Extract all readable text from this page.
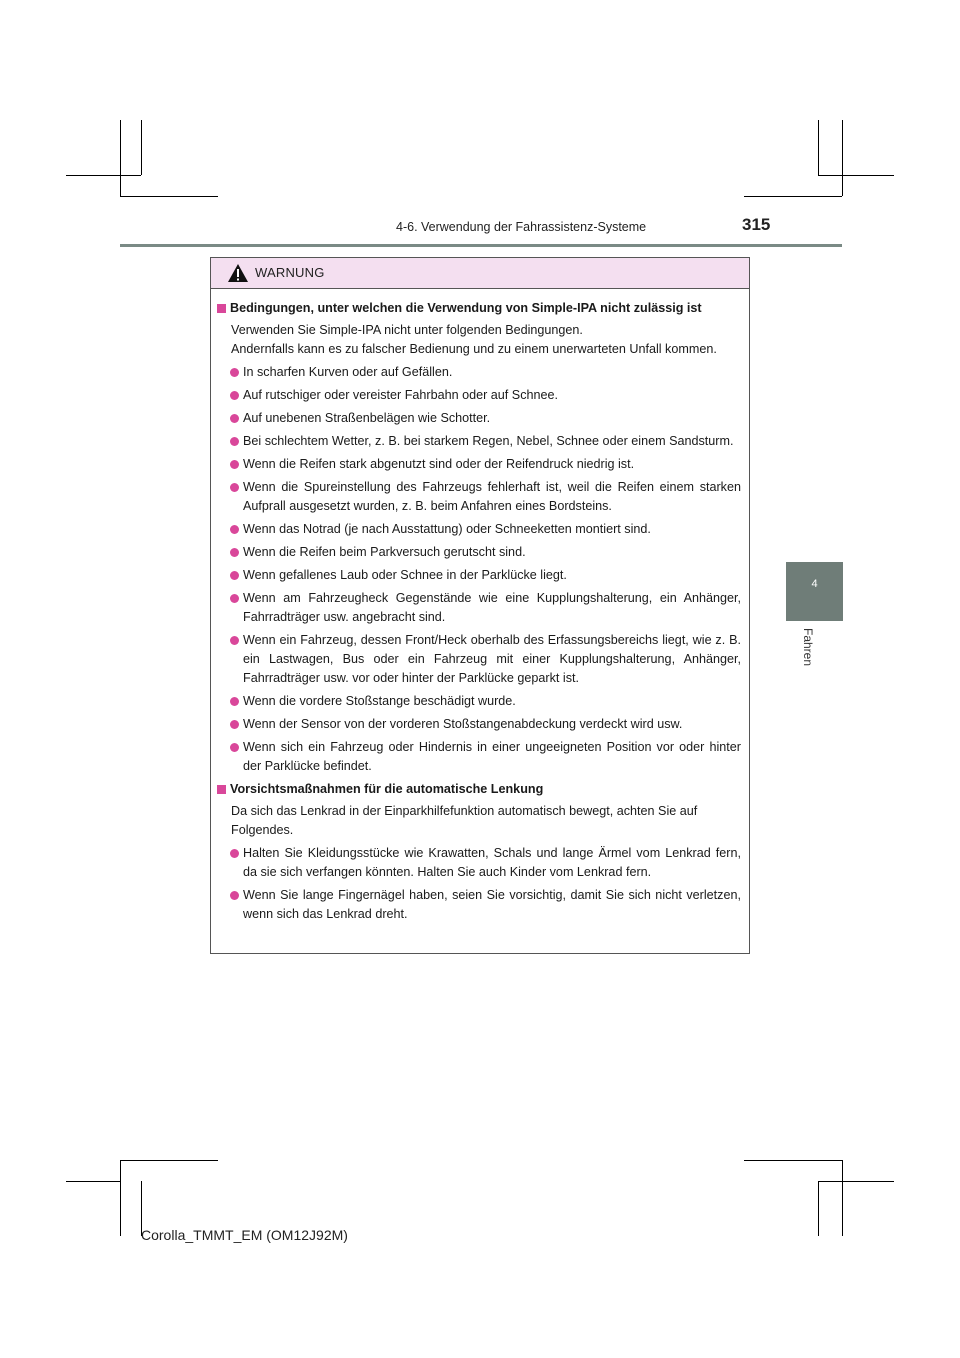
4-6. Verwendung der Fahrassistenz-Systeme	315
4
Fahren
WARNUNG
Bedingungen, unter welchen die Verwendung von Simple-IPA nicht zulässig ist
Verwenden Sie Simple-IPA nicht unter folgenden Bedingungen.
Andernfalls kann es zu falscher Bedienung und zu einem unerwarteten Unfall kommen.
In scharfen Kurven oder auf Gefällen.
Auf rutschiger oder vereister Fahrbahn oder auf Schnee.
Auf unebenen Straßenbelägen wie Schotter.
Bei schlechtem Wetter, z. B. bei starkem Regen, Nebel, Schnee oder einem Sandsturm.
Wenn die Reifen stark abgenutzt sind oder der Reifendruck niedrig ist.
Wenn die Spureinstellung des Fahrzeugs fehlerhaft ist, weil die Reifen einem starken Aufprall ausgesetzt wurden, z. B. beim Anfahren eines Bordsteins.
Wenn das Notrad (je nach Ausstattung) oder Schneeketten montiert sind.
Wenn die Reifen beim Parkversuch gerutscht sind.
Wenn gefallenes Laub oder Schnee in der Parklücke liegt.
Wenn am Fahrzeugheck Gegenstände wie eine Kupplungshalterung, ein Anhänger, Fahrradträger usw. angebracht sind.
Wenn ein Fahrzeug, dessen Front/Heck oberhalb des Erfassungsbereichs liegt, wie z. B. ein Lastwagen, Bus oder ein Fahrzeug mit einer Kupplungshalterung, Anhänger, Fahrradträger usw. vor oder hinter der Parklücke geparkt ist.
Wenn die vordere Stoßstange beschädigt wurde.
Wenn der Sensor von der vorderen Stoßstangenabdeckung verdeckt wird usw.
Wenn sich ein Fahrzeug oder Hindernis in einer ungeeigneten Position vor oder hinter der Parklücke befindet.
Vorsichtsmaßnahmen für die automatische Lenkung
Da sich das Lenkrad in der Einparkhilfefunktion automatisch bewegt, achten Sie auf Folgendes.
Halten Sie Kleidungsstücke wie Krawatten, Schals und lange Ärmel vom Lenkrad fern, da sie sich verfangen könnten. Halten Sie auch Kinder vom Lenkrad fern.
Wenn Sie lange Fingernägel haben, seien Sie vorsichtig, damit Sie sich nicht verletzen, wenn sich das Lenkrad dreht.
Corolla_TMMT_EM (OM12J92M)
